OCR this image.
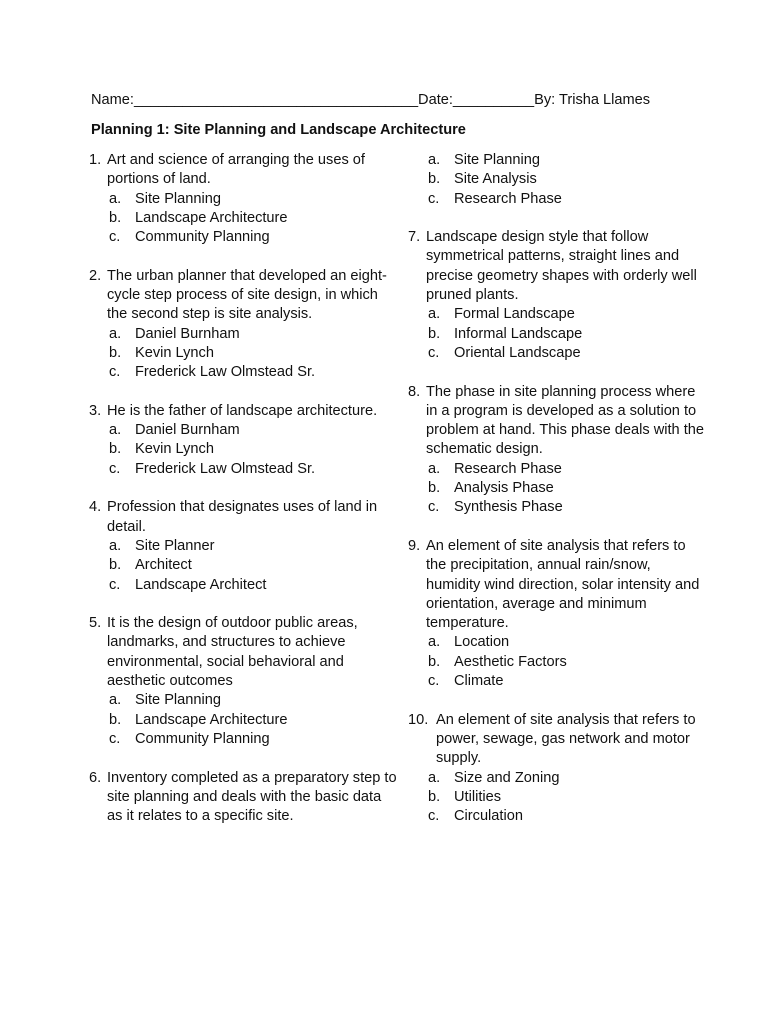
Name:___________________________________Date:__________By: Trisha Llames
Planning 1: Site Planning and Landscape Architecture
1. Art and science of arranging the uses of portions of land.
a. Site Planning
b. Landscape Architecture
c.	Community Planning
2. The urban planner that developed an eight-cycle step process of site design, in which the second step is site analysis.
a. Daniel Burnham
b. Kevin Lynch
c.	Frederick Law Olmstead Sr.
3. He is the father of landscape architecture.
a. Daniel Burnham
b. Kevin Lynch
c.	Frederick Law Olmstead Sr.
4. Profession that designates uses of land in detail.
a. Site Planner
b. Architect
c.	Landscape Architect
5. It is the design of outdoor public areas, landmarks, and structures to achieve environmental, social behavioral and aesthetic outcomes
a. Site Planning
b. Landscape Architecture
c.	Community Planning
6. Inventory completed as a preparatory step to site planning and deals with the basic data as it relates to a specific site.
a. Site Planning
b. Site Analysis
c.	Research Phase
7. Landscape design style that follow symmetrical patterns, straight lines and precise geometry shapes with orderly well pruned plants.
a. Formal Landscape
b. Informal Landscape
c.	Oriental Landscape
8. The phase in site planning process where in a program is developed as a solution to problem at hand. This phase deals with the schematic design.
a. Research Phase
b. Analysis Phase
c.	Synthesis Phase
9. An element of site analysis that refers to the precipitation, annual rain/snow, humidity wind direction, solar intensity and orientation, average and minimum temperature.
a. Location
b. Aesthetic Factors
c.	Climate
10. An element of site analysis that refers to power, sewage, gas network and motor supply.
a. Size and Zoning
b. Utilities
c.	Circulation
